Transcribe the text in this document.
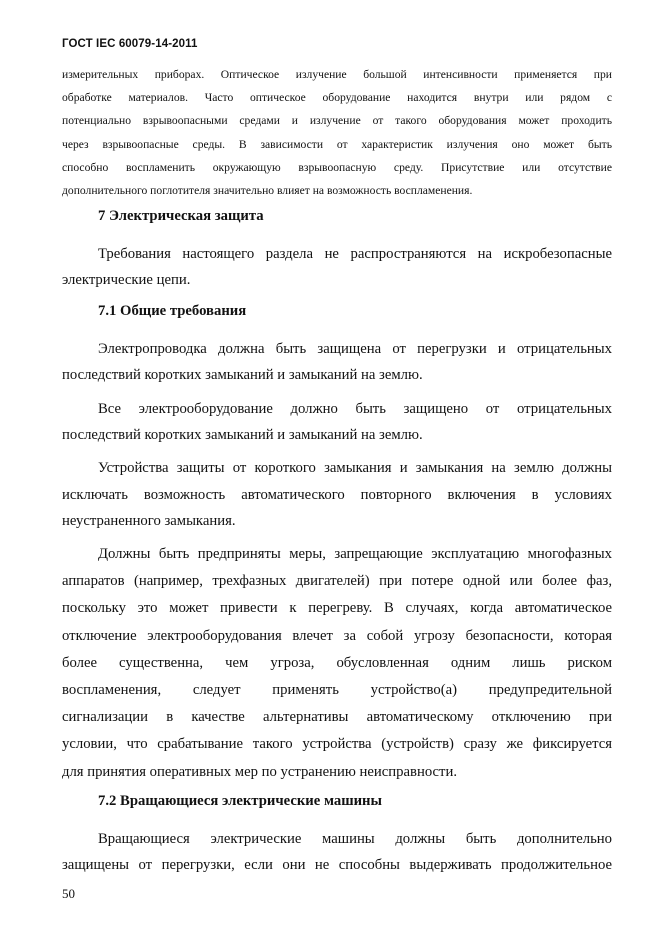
ГОСТ IEC 60079-14-2011
измерительных приборах. Оптическое излучение большой интенсивности применяется при
обработке материалов. Часто оптическое оборудование находится внутри или рядом с
потенциально взрывоопасными средами и излучение от такого оборудования может проходить
через взрывоопасные среды. В зависимости от характеристик излучения оно может быть
способно воспламенить окружающую взрывоопасную среду. Присутствие или отсутствие
дополнительного поглотителя значительно влияет на возможность воспламенения.
7 Электрическая защита
Требования настоящего раздела не распространяются на искробезопасные
электрические цепи.
7.1 Общие требования
Электропроводка должна быть защищена от перегрузки и отрицательных
последствий коротких замыканий и замыканий на землю.
Все электрооборудование должно быть защищено от отрицательных
последствий коротких замыканий и замыканий на землю.
Устройства защиты от короткого замыкания и замыкания на землю должны
исключать возможность автоматического повторного включения в условиях
неустраненного замыкания.
Должны быть предприняты меры, запрещающие эксплуатацию многофазных
аппаратов (например, трехфазных двигателей) при потере одной или более фаз,
поскольку это может привести к перегреву. В случаях, когда автоматическое
отключение электрооборудования влечет за собой угрозу безопасности, которая
более существенна, чем угроза, обусловленная одним лишь риском
воспламенения, следует применять устройство(а) предупредительной
сигнализации в качестве альтернативы автоматическому отключению при
условии, что срабатывание такого устройства (устройств) сразу же фиксируется
для принятия оперативных мер по устранению неисправности.
7.2 Вращающиеся электрические машины
Вращающиеся электрические машины должны быть дополнительно
защищены от перегрузки, если они не способны выдерживать продолжительное
50
